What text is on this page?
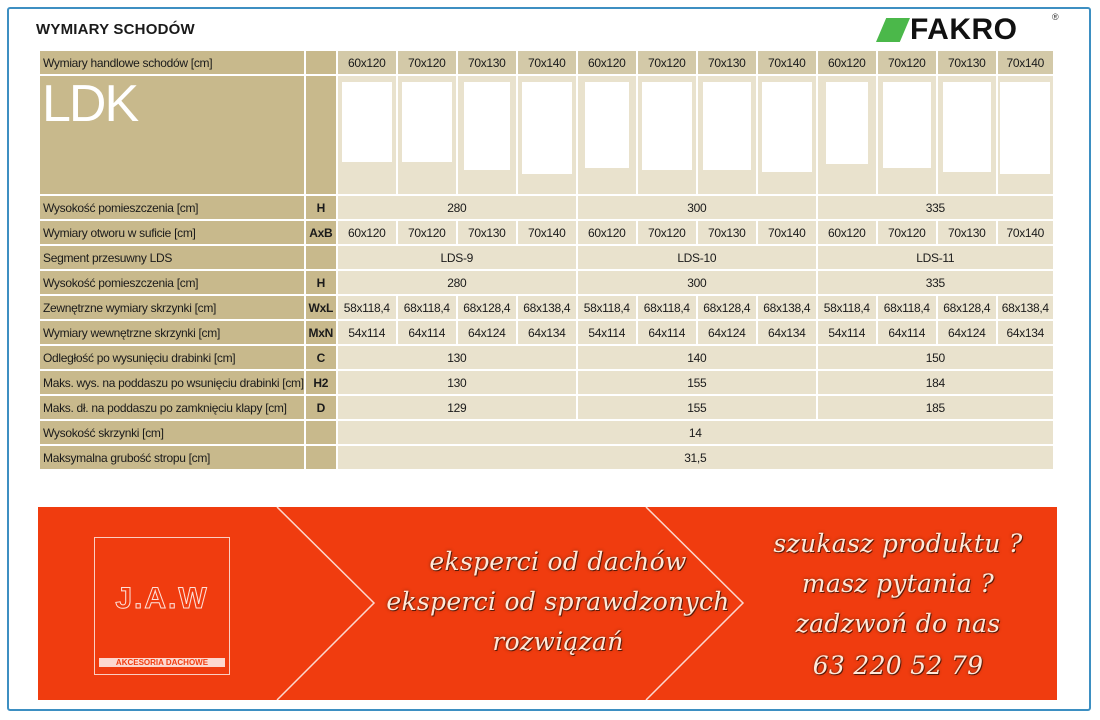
WYMIARY SCHODÓW	FAKRO	®
Wymiary handlowe schodów [cm]		60x120	70x120	70x130	70x140	60x120	70x120	70x130	70x140	60x120	70x120	70x130	70x140
LDK		

Wysokość pomieszczenia [cm]	H	280				300				335			
Wymiary otworu w suficie [cm]	AxB	60x120	70x120	70x130	70x140	60x120	70x120	70x130	70x140	60x120	70x120	70x130	70x140
Segment przesuwny LDS		LDS-9				LDS-10				LDS-11			
Wysokość pomieszczenia [cm]	H	280				300				335			
Zewnętrzne wymiary skrzynki [cm]	WxL	58x118,4	68x118,4	68x128,4	68x138,4	58x118,4	68x118,4	68x128,4	68x138,4	58x118,4	68x118,4	68x128,4	68x138,4
Wymiary wewnętrzne skrzynki [cm]	MxN	54x114	64x114	64x124	64x134	54x114	64x114	64x124	64x134	54x114	64x114	64x124	64x134
Odległość po wysunięciu drabinki [cm]	C	130				140				150			
Maks. wys. na poddaszu po wsunięciu drabinki [cm]	H2	130				155				184			
Maks. dł. na poddaszu po zamknięciu klapy [cm]	D	129				155				185			
Wysokość skrzynki [cm]		14											
Maksymalna grubość stropu [cm]		31,5											
J.A.W
AKCESORIA DACHOWE
eksperci od dachów
eksperci od sprawdzonych
rozwiązań
szukasz produktu ?
masz pytania ?
zadzwoń do nas
63 220 52 79
